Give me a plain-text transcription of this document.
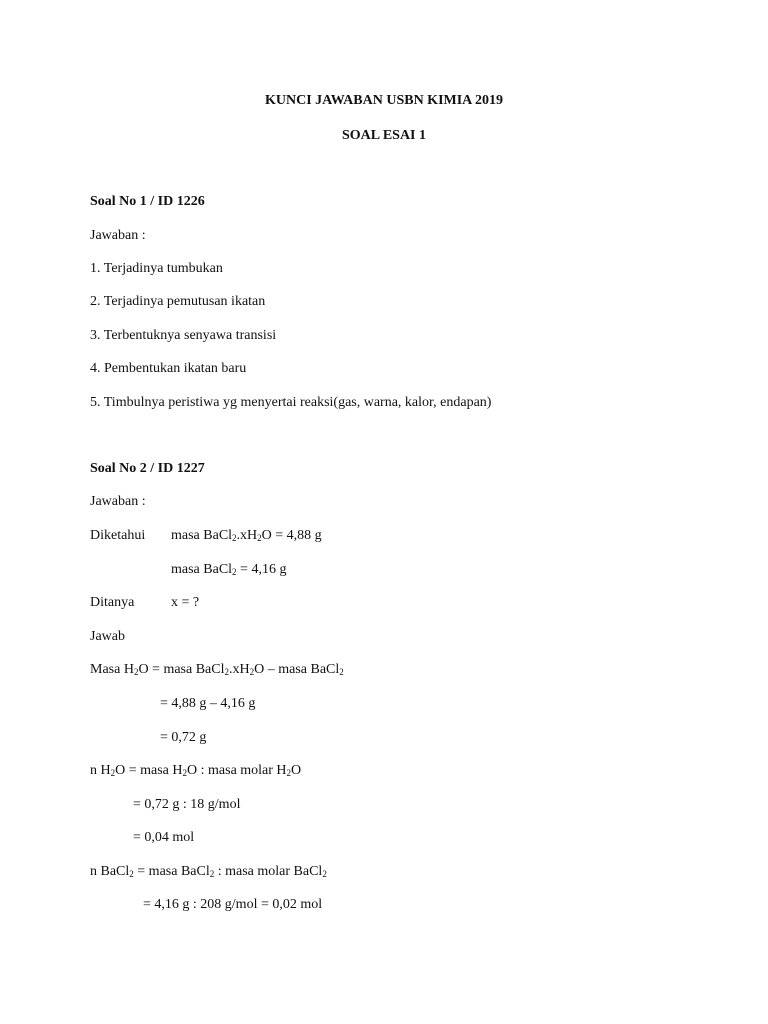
KUNCI JAWABAN USBN KIMIA 2019
SOAL ESAI 1
Soal No 1 / ID 1226
Jawaban :
1. Terjadinya tumbukan
2. Terjadinya pemutusan ikatan
3. Terbentuknya senyawa transisi
4. Pembentukan ikatan baru
5. Timbulnya peristiwa yg menyertai reaksi(gas, warna, kalor, endapan)
Soal No 2 / ID 1227
Jawaban :
Diketahui masa $BaCl_2.xH_2O = 4,88$ g
masa BaCl$_2$ = 4,16 g
Ditanya	x = ?
Jawab
Masa $H_2O$ = masa $BaCl_2.xH_2O$ – masa BaCl$_2$
= 4,88 g – 4,16 g
= 0,72 g
n $H_2O$ = masa $H_2O$ : masa molar $H_2O$
= 0,72 g : 18 g/mol
= 0,04 mol
n BaCl$_2$ = masa BaCl$_2$ : masa molar BaCl$_2$
= 4,16 g : 208 g/mol = 0,02 mol
